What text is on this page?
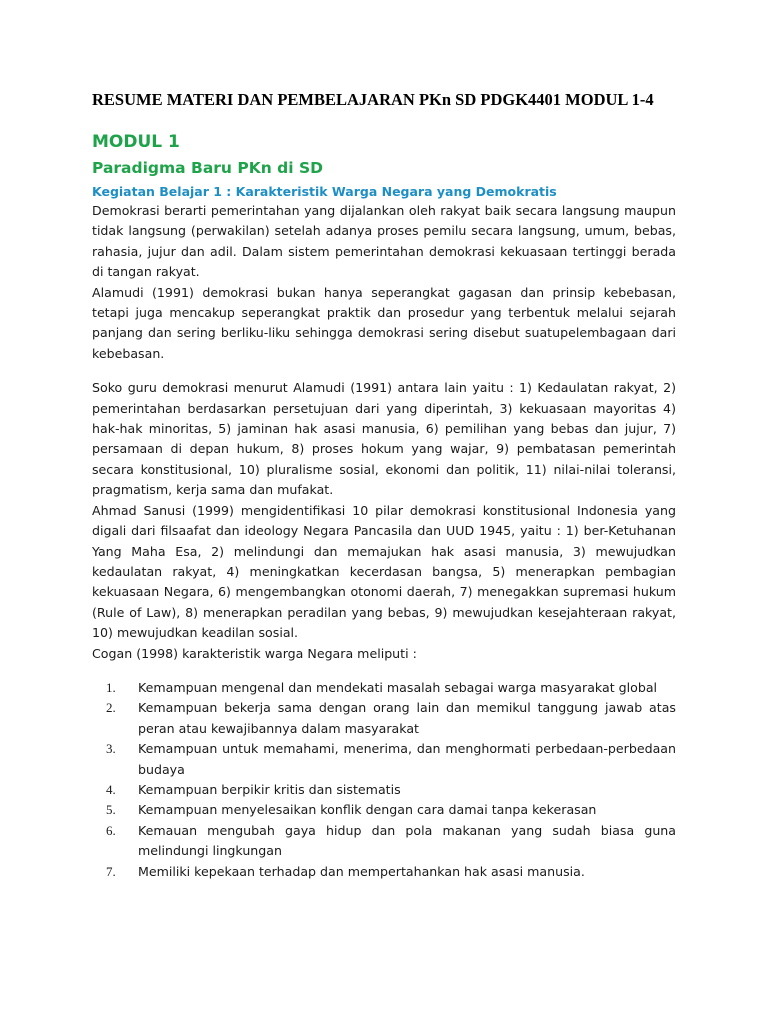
RESUME MATERI DAN PEMBELAJARAN PKn SD PDGK4401 MODUL 1-4
MODUL 1
Paradigma Baru PKn di SD
Kegiatan Belajar 1 : Karakteristik Warga Negara yang Demokratis

Demokrasi berarti pemerintahan yang dijalankan oleh rakyat baik secara langsung maupun tidak langsung (perwakilan) setelah adanya proses pemilu secara langsung, umum, bebas, rahasia, jujur dan adil. Dalam sistem pemerintahan demokrasi kekuasaan tertinggi berada di tangan rakyat.

Alamudi (1991) demokrasi bukan hanya seperangkat gagasan dan prinsip kebebasan, tetapi juga mencakup seperangkat praktik dan prosedur yang terbentuk melalui sejarah panjang dan sering berliku-liku sehingga demokrasi sering disebut suatupelembagaan dari kebebasan.

Soko guru demokrasi menurut Alamudi (1991) antara lain yaitu : 1) Kedaulatan rakyat, 2) pemerintahan berdasarkan persetujuan dari yang diperintah, 3) kekuasaan mayoritas 4) hak-hak minoritas, 5) jaminan hak asasi manusia, 6) pemilihan yang bebas dan jujur, 7) persamaan di depan hukum, 8) proses hokum yang wajar, 9) pembatasan pemerintah secara konstitusional, 10) pluralisme sosial, ekonomi dan politik, 11) nilai-nilai toleransi, pragmatism, kerja sama dan mufakat.

Ahmad Sanusi (1999) mengidentifikasi 10 pilar demokrasi konstitusional Indonesia yang digali dari filsaafat dan ideology Negara Pancasila dan UUD 1945, yaitu : 1) ber-Ketuhanan Yang Maha Esa, 2) melindungi dan memajukan hak asasi manusia, 3) mewujudkan kedaulatan rakyat, 4) meningkatkan kecerdasan bangsa, 5) menerapkan pembagian kekuasaan Negara, 6) mengembangkan otonomi daerah, 7) menegakkan supremasi hukum (Rule of Law), 8) menerapkan peradilan yang bebas, 9) mewujudkan kesejahteraan rakyat, 10) mewujudkan keadilan sosial.

Cogan (1998) karakteristik warga Negara meliputi :

1. Kemampuan mengenal dan mendekati masalah sebagai warga masyarakat global
2. Kemampuan bekerja sama dengan orang lain dan memikul tanggung jawab atas peran atau kewajibannya dalam masyarakat
3. Kemampuan untuk memahami, menerima, dan menghormati perbedaan-perbedaan budaya
4. Kemampuan berpikir kritis dan sistematis
5. Kemampuan menyelesaikan konflik dengan cara damai tanpa kekerasan
6. Kemauan mengubah gaya hidup dan pola makanan yang sudah biasa guna melindungi lingkungan
7. Memiliki kepekaan terhadap dan mempertahankan hak asasi manusia.
